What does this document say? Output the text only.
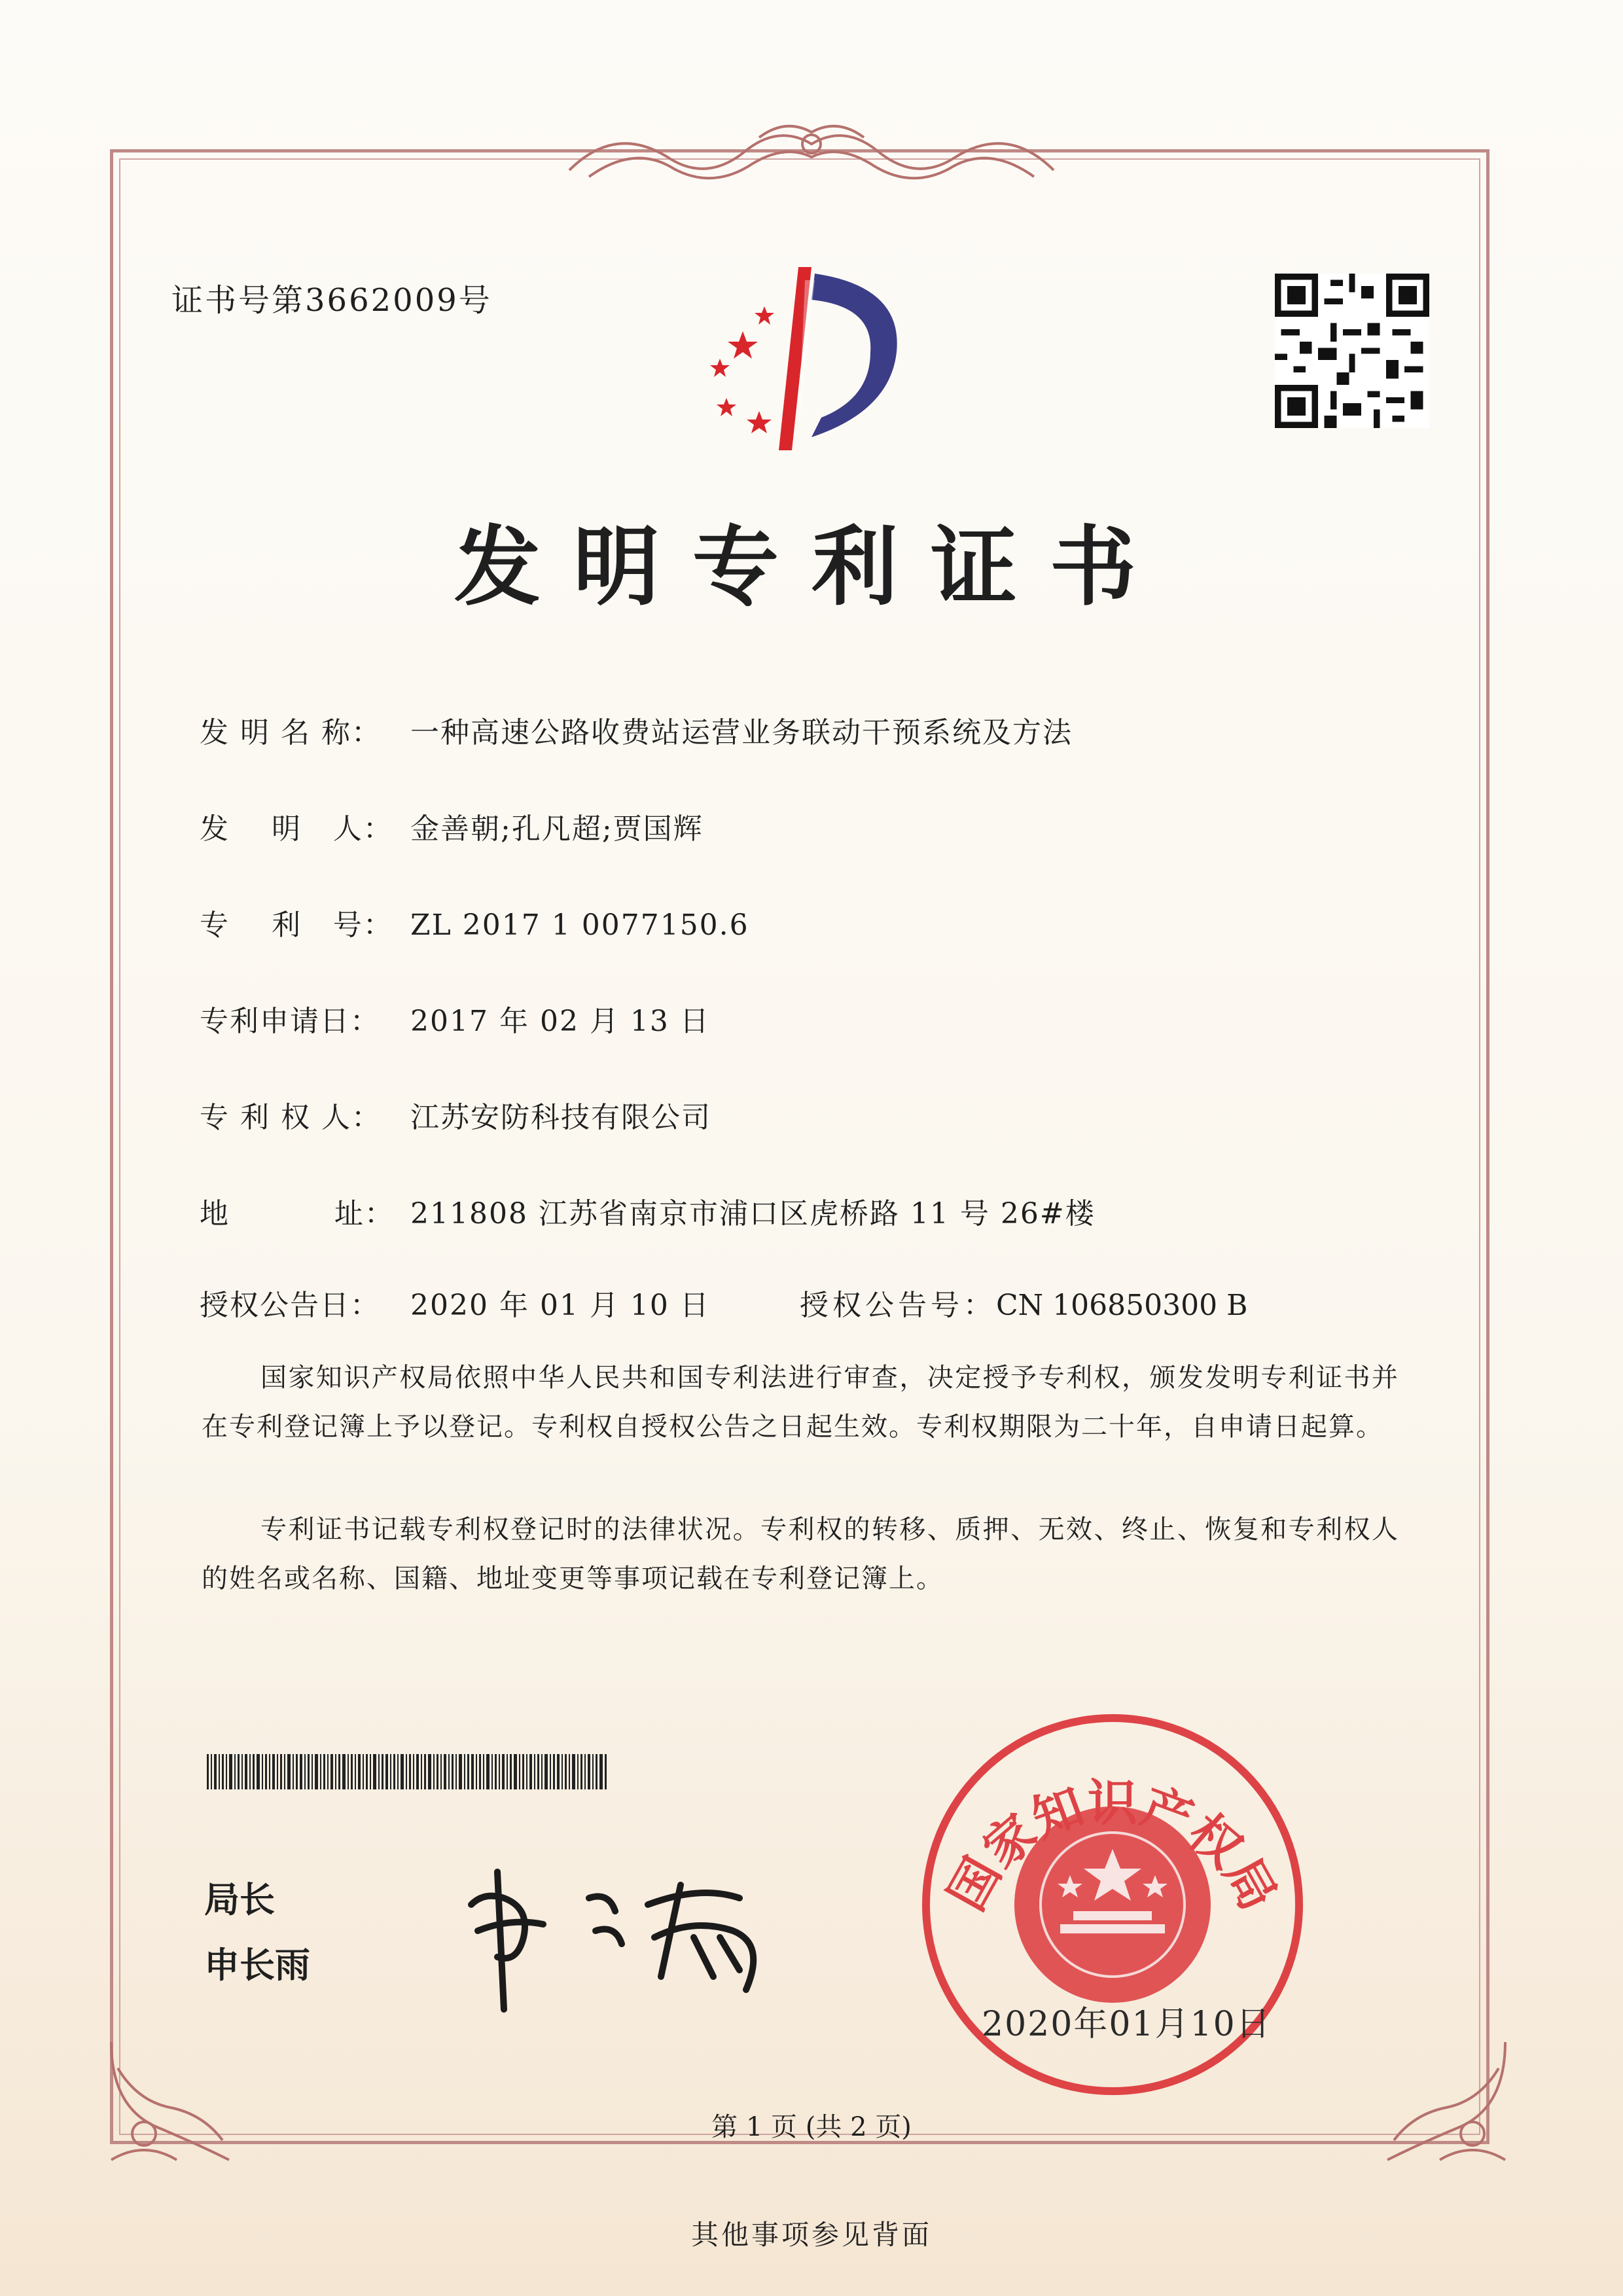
证书号第3662009号
发明专利证书
发 明 名 称： 一种高速公路收费站运营业务联动干预系统及方法
发    明   人： 金善朝;孔凡超;贾国辉
专    利   号： ZL 2017 1 0077150.6
专利申请日： 2017 年 02 月 13 日
专 利 权 人： 江苏安防科技有限公司
地          址： 211808 江苏省南京市浦口区虎桥路 11 号 26#楼
授权公告日： 2020 年 01 月 10 日	授权公告号：CN 106850300 B
国家知识产权局依照中华人民共和国专利法进行审查，决定授予专利权，颁发发明专利证书并在专利登记簿上予以登记。专利权自授权公告之日起生效。专利权期限为二十年，自申请日起算。
专利证书记载专利权登记时的法律状况。专利权的转移、质押、无效、终止、恢复和专利权人的姓名或名称、国籍、地址变更等事项记载在专利登记簿上。
局长
申长雨
国家知识产权局
2020年01月10日
第 1 页 (共 2 页)
其他事项参见背面
